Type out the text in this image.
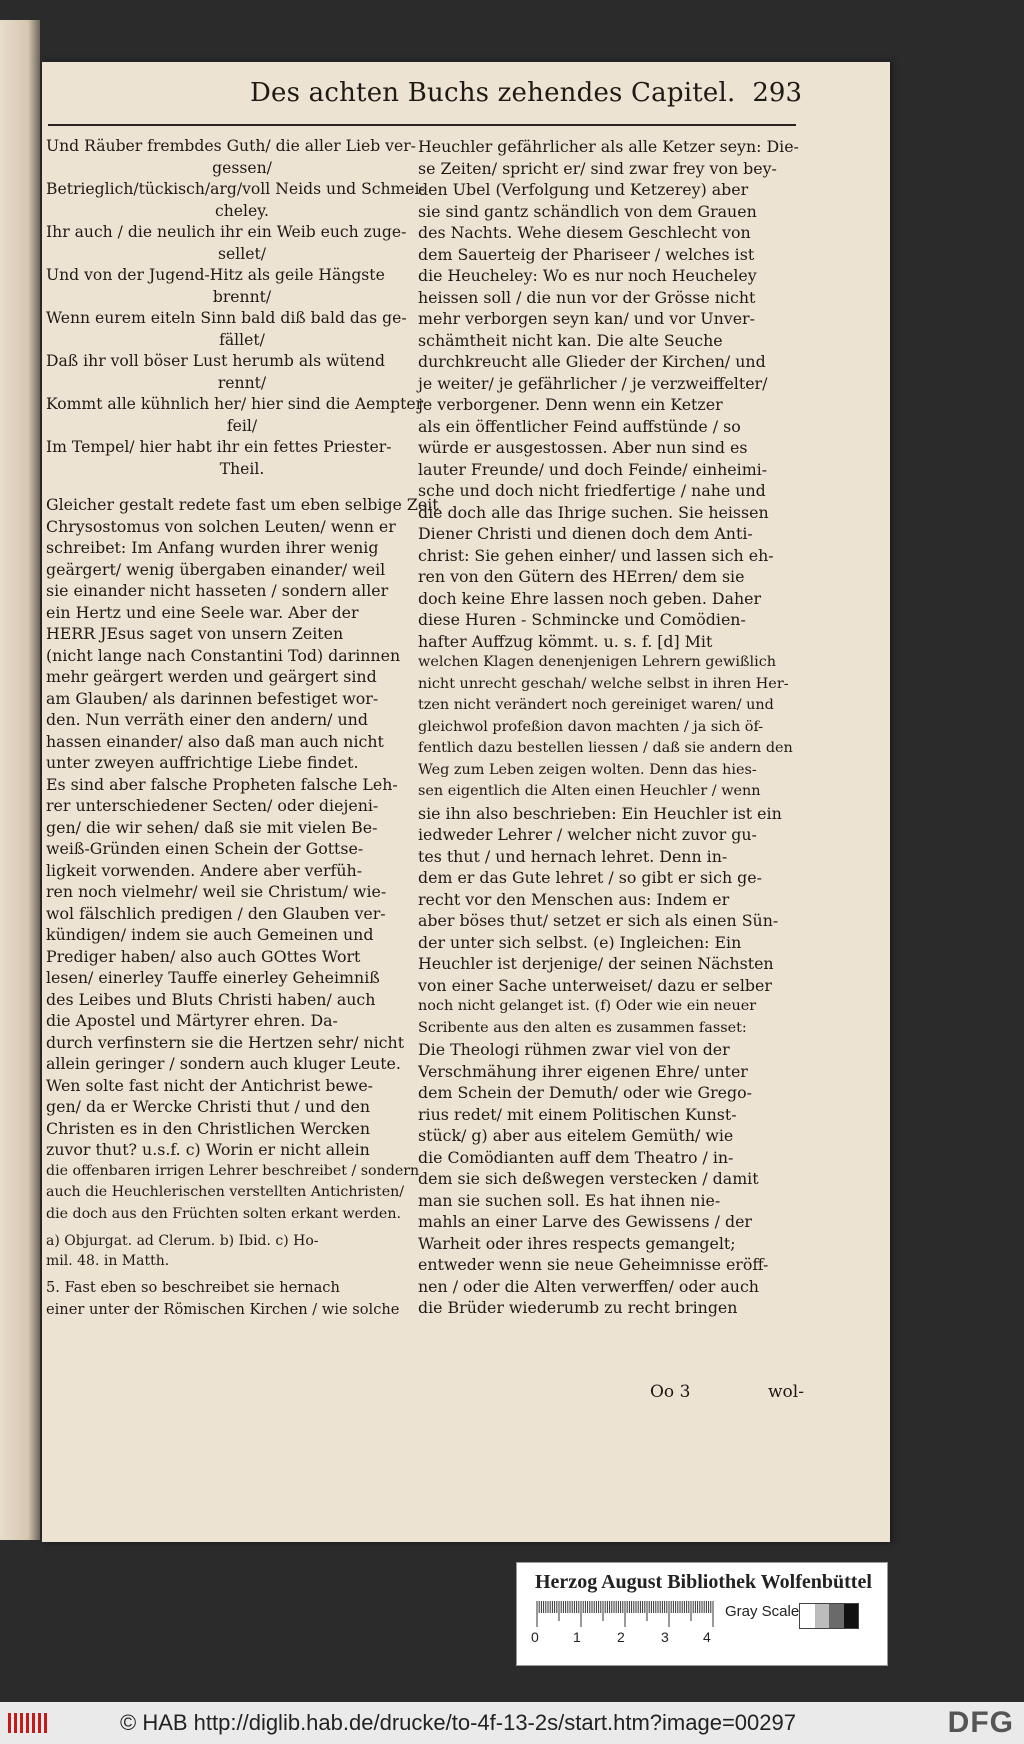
Des achten Buchs zehendes Capitel. 293
Und Räuber frembdes Guth/ die aller Lieb ver-
gessen/
Betrieglich/tückisch/arg/voll Neids und Schmei-
cheley.
Ihr auch / die neulich ihr ein Weib euch zuge-
sellet/
Und von der Jugend-Hitz als geile Hängste
brennt/
Wenn eurem eiteln Sinn bald diß bald das ge-
fället/
Daß ihr voll böser Lust herumb als wütend
rennt/
Kommt alle kühnlich her/ hier sind die Aempter
feil/
Im Tempel/ hier habt ihr ein fettes Priester-
Theil.
Gleicher gestalt redete fast um eben selbige Zeit
Chrysostomus von solchen Leuten/ wenn er
schreibet: Im Anfang wurden ihrer wenig
geärgert/ wenig übergaben einander/ weil
sie einander nicht hasseten / sondern aller
ein Hertz und eine Seele war. Aber der
HERR JEsus saget von unsern Zeiten
(nicht lange nach Constantini Tod) darinnen
mehr geärgert werden und geärgert sind
am Glauben/ als darinnen befestiget wor-
den. Nun verräth einer den andern/ und
hassen einander/ also daß man auch nicht
unter zweyen auffrichtige Liebe findet.
Es sind aber falsche Propheten falsche Leh-
rer unterschiedener Secten/ oder diejeni-
gen/ die wir sehen/ daß sie mit vielen Be-
weiß-Gründen einen Schein der Gottse-
ligkeit vorwenden. Andere aber verfüh-
ren noch vielmehr/ weil sie Christum/ wie-
wol fälschlich predigen / den Glauben ver-
kündigen/ indem sie auch Gemeinen und
Prediger haben/ also auch GOttes Wort
lesen/ einerley Tauffe einerley Geheimniß
des Leibes und Bluts Christi haben/ auch
die Apostel und Märtyrer ehren. Da-
durch verfinstern sie die Hertzen sehr/ nicht
allein geringer / sondern auch kluger Leute.
Wen solte fast nicht der Antichrist bewe-
gen/ da er Wercke Christi thut / und den
Christen es in den Christlichen Wercken
zuvor thut? u.s.f. c) Worin er nicht allein
die offenbaren irrigen Lehrer beschreibet / sondern
auch die Heuchlerischen verstellten Antichristen/
die doch aus den Früchten solten erkant werden.
a) Objurgat. ad Clerum. b) Ibid. c) Ho-
mil. 48. in Matth.
5. Fast eben so beschreibet sie hernach
einer unter der Römischen Kirchen / wie solche
Heuchler gefährlicher als alle Ketzer seyn: Die-
se Zeiten/ spricht er/ sind zwar frey von bey-
den Ubel (Verfolgung und Ketzerey) aber
sie sind gantz schändlich von dem Grauen
des Nachts. Wehe diesem Geschlecht von
dem Sauerteig der Phariseer / welches ist
die Heucheley: Wo es nur noch Heucheley
heissen soll / die nun vor der Grösse nicht
mehr verborgen seyn kan/ und vor Unver-
schämtheit nicht kan. Die alte Seuche
durchkreucht alle Glieder der Kirchen/ und
je weiter/ je gefährlicher / je verzweiffelter/
je verborgener. Denn wenn ein Ketzer
als ein öffentlicher Feind auffstünde / so
würde er ausgestossen. Aber nun sind es
lauter Freunde/ und doch Feinde/ einheimi-
sche und doch nicht friedfertige / nahe und
die doch alle das Ihrige suchen. Sie heissen
Diener Christi und dienen doch dem Anti-
christ: Sie gehen einher/ und lassen sich eh-
ren von den Gütern des HErren/ dem sie
doch keine Ehre lassen noch geben. Daher
diese Huren - Schmincke und Comödien-
hafter Auffzug kömmt. u. s. f. [d] Mit
welchen Klagen denenjenigen Lehrern gewißlich
nicht unrecht geschah/ welche selbst in ihren Her-
tzen nicht verändert noch gereiniget waren/ und
gleichwol profeßion davon machten / ja sich öf-
fentlich dazu bestellen liessen / daß sie andern den
Weg zum Leben zeigen wolten. Denn das hies-
sen eigentlich die Alten einen Heuchler / wenn
sie ihn also beschrieben: Ein Heuchler ist ein
iedweder Lehrer / welcher nicht zuvor gu-
tes thut / und hernach lehret. Denn in-
dem er das Gute lehret / so gibt er sich ge-
recht vor den Menschen aus: Indem er
aber böses thut/ setzet er sich als einen Sün-
der unter sich selbst. (e) Ingleichen: Ein
Heuchler ist derjenige/ der seinen Nächsten
von einer Sache unterweiset/ dazu er selber
noch nicht gelanget ist. (f) Oder wie ein neuer
Scribente aus den alten es zusammen fasset:
Die Theologi rühmen zwar viel von der
Verschmähung ihrer eigenen Ehre/ unter
dem Schein der Demuth/ oder wie Grego-
rius redet/ mit einem Politischen Kunst-
stück/ g) aber aus eitelem Gemüth/ wie
die Comödianten auff dem Theatro / in-
dem sie sich deßwegen verstecken / damit
man sie suchen soll. Es hat ihnen nie-
mahls an einer Larve des Gewissens / der
Warheit oder ihres respects gemangelt;
entweder wenn sie neue Geheimnisse eröff-
nen / oder die Alten verwerffen/ oder auch
die Brüder wiederumb zu recht bringen
Oo 3	wol-
Herzog August Bibliothek Wolfenbüttel
0 1	2	3 4
Gray Scale
© HAB http://diglib.hab.de/drucke/to-4f-13-2s/start.htm?image=00297	DFG
